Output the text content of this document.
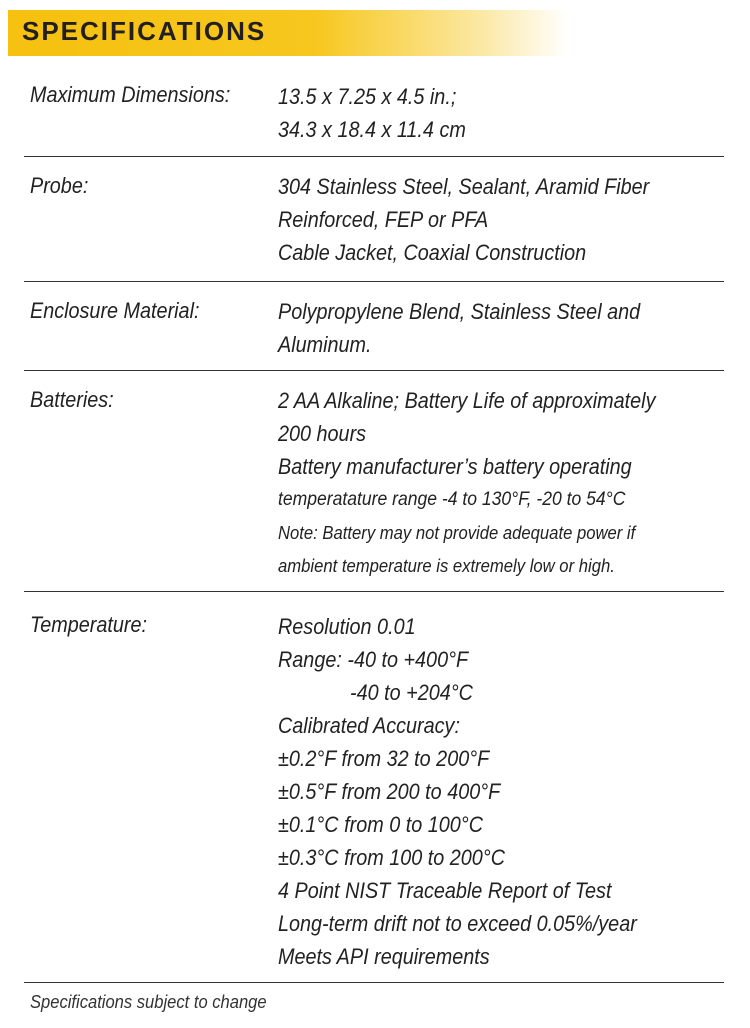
SPECIFICATIONS
Maximum Dimensions: 13.5 x 7.25 x 4.5 in.;
34.3 x 18.4 x 11.4 cm
Probe:	304 Stainless Steel, Sealant, Aramid Fiber
Reinforced, FEP or PFA
Cable Jacket, Coaxial Construction
Enclosure Material:	Polypropylene Blend, Stainless Steel and
Aluminum.
Batteries:	2 AA Alkaline; Battery Life of approximately
200 hours
Battery manufacturer’s battery operating
temperatature range -4 to 130°F, -20 to 54°C
Note: Battery may not provide adequate power if
ambient temperature is extremely low or high.
Temperature:	Resolution 0.01
Range: -40 to +400°F
-40 to +204°C
Calibrated Accuracy:
±0.2°F from 32 to 200°F
±0.5°F from 200 to 400°F
±0.1°C from 0 to 100°C
±0.3°C from 100 to 200°C
4 Point NIST Traceable Report of Test
Long-term drift not to exceed 0.05%/year
Meets API requirements
Specifications subject to change
